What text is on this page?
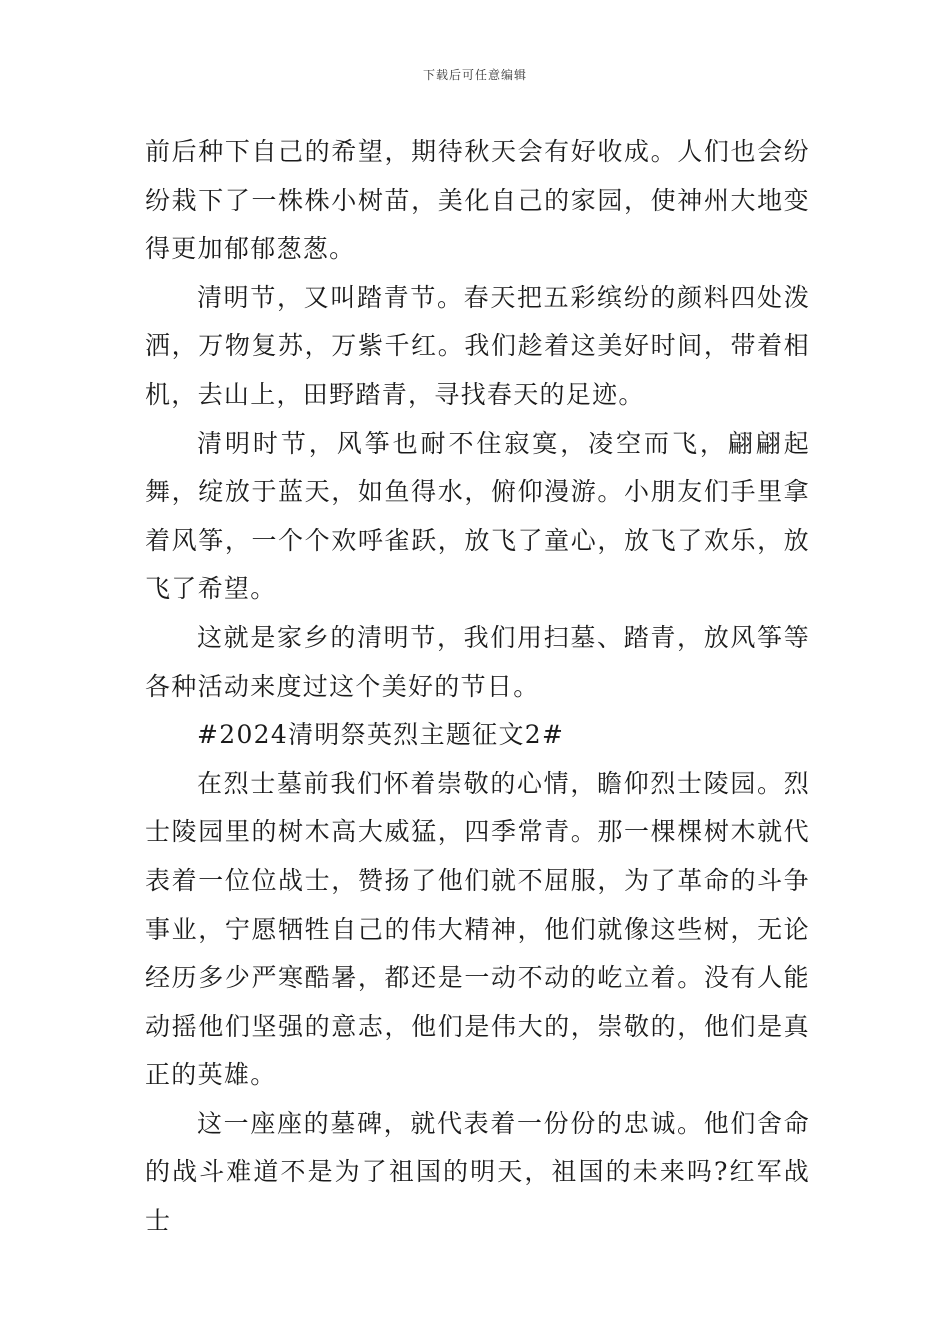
下载后可任意编辑

前后种下自己的希望，期待秋天会有好收成。人们也会纷纷栽下了一株株小树苗，美化自己的家园，使神州大地变得更加郁郁葱葱。

清明节，又叫踏青节。春天把五彩缤纷的颜料四处泼洒，万物复苏，万紫千红。我们趁着这美好时间，带着相机，去山上，田野踏青，寻找春天的足迹。

清明时节，风筝也耐不住寂寞，凌空而飞，翩翩起舞，绽放于蓝天，如鱼得水，俯仰漫游。小朋友们手里拿着风筝，一个个欢呼雀跃，放飞了童心，放飞了欢乐，放飞了希望。

这就是家乡的清明节，我们用扫墓、踏青，放风筝等各种活动来度过这个美好的节日。

#2024清明祭英烈主题征文2#

在烈士墓前我们怀着崇敬的心情，瞻仰烈士陵园。烈士陵园里的树木高大威猛，四季常青。那一棵棵树木就代表着一位位战士，赞扬了他们就不屈服，为了革命的斗争事业，宁愿牺牲自己的伟大精神，他们就像这些树，无论经历多少严寒酷暑，都还是一动不动的屹立着。没有人能动摇他们坚强的意志，他们是伟大的，崇敬的，他们是真正的英雄。

这一座座的墓碑，就代表着一份份的忠诚。他们舍命的战斗难道不是为了祖国的明天，祖国的未来吗?红军战士
